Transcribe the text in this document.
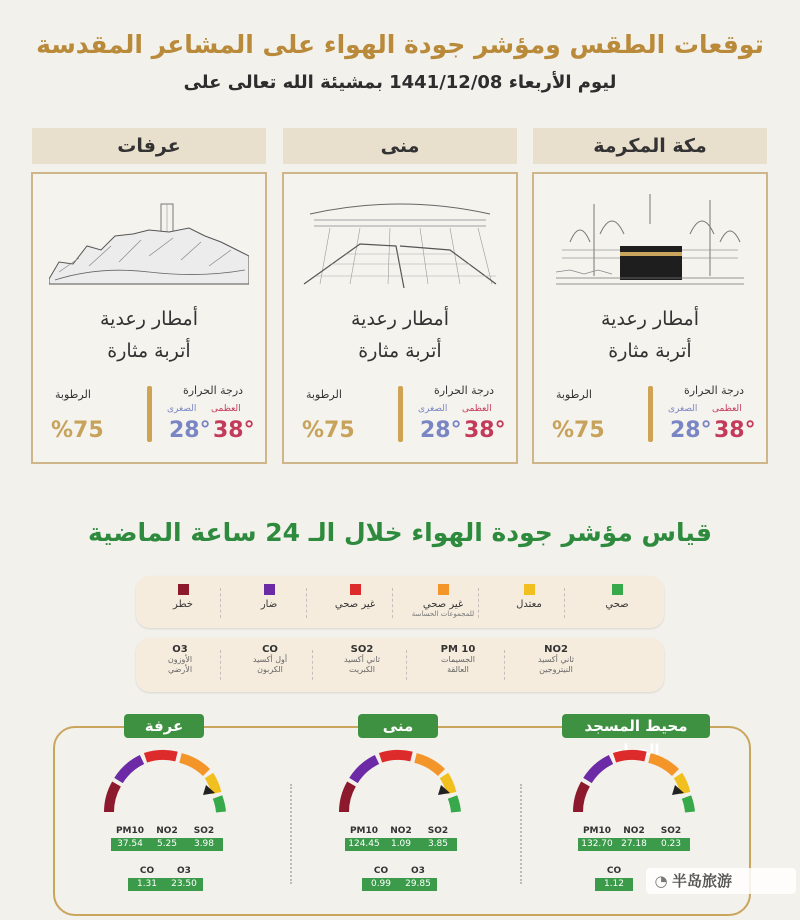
توقعات الطقس ومؤشر جودة الهواء على المشاعر المقدسة
ليوم الأربعاء 1441/12/08 بمشيئة الله تعالى على
عرفات	منى	مكة المكرمة
أمطار رعدية
أتربة مثارة
درجة الحرارة
العظمى
الصغرى
38°
28°
الرطوبة
%75
أمطار رعدية
أتربة مثارة
درجة الحرارة
العظمى
الصغرى
38°
28°
الرطوبة
%75
أمطار رعدية
أتربة مثارة
درجة الحرارة
العظمى
الصغرى
38°
28°
الرطوبة
%75
قياس مؤشر جودة الهواء خلال الـ 24 ساعة الماضية
صحي
معتدل
غير صحي
للمجموعات الحساسة
غير صحي
ضار
خطر
NO2
ثاني أكسيد
النيتروجين
PM 10
الجسيمات
العالقة
SO2
ثاني أكسيد
الكبريت
CO
أول أكسيد
الكربون
O3
الأوزون
الأرضي
عرفة	منى	محيط المسجد الحرام
PM10	NO2	SO2
37.54	5.25	3.98
CO	O3
1.31	23.50
PM10	NO2	SO2
124.45	1.09	3.85
CO	O3
0.99	29.85
PM10	NO2	SO2
132.70 27.18	0.23
CO
1.12	◔ 半岛旅游
